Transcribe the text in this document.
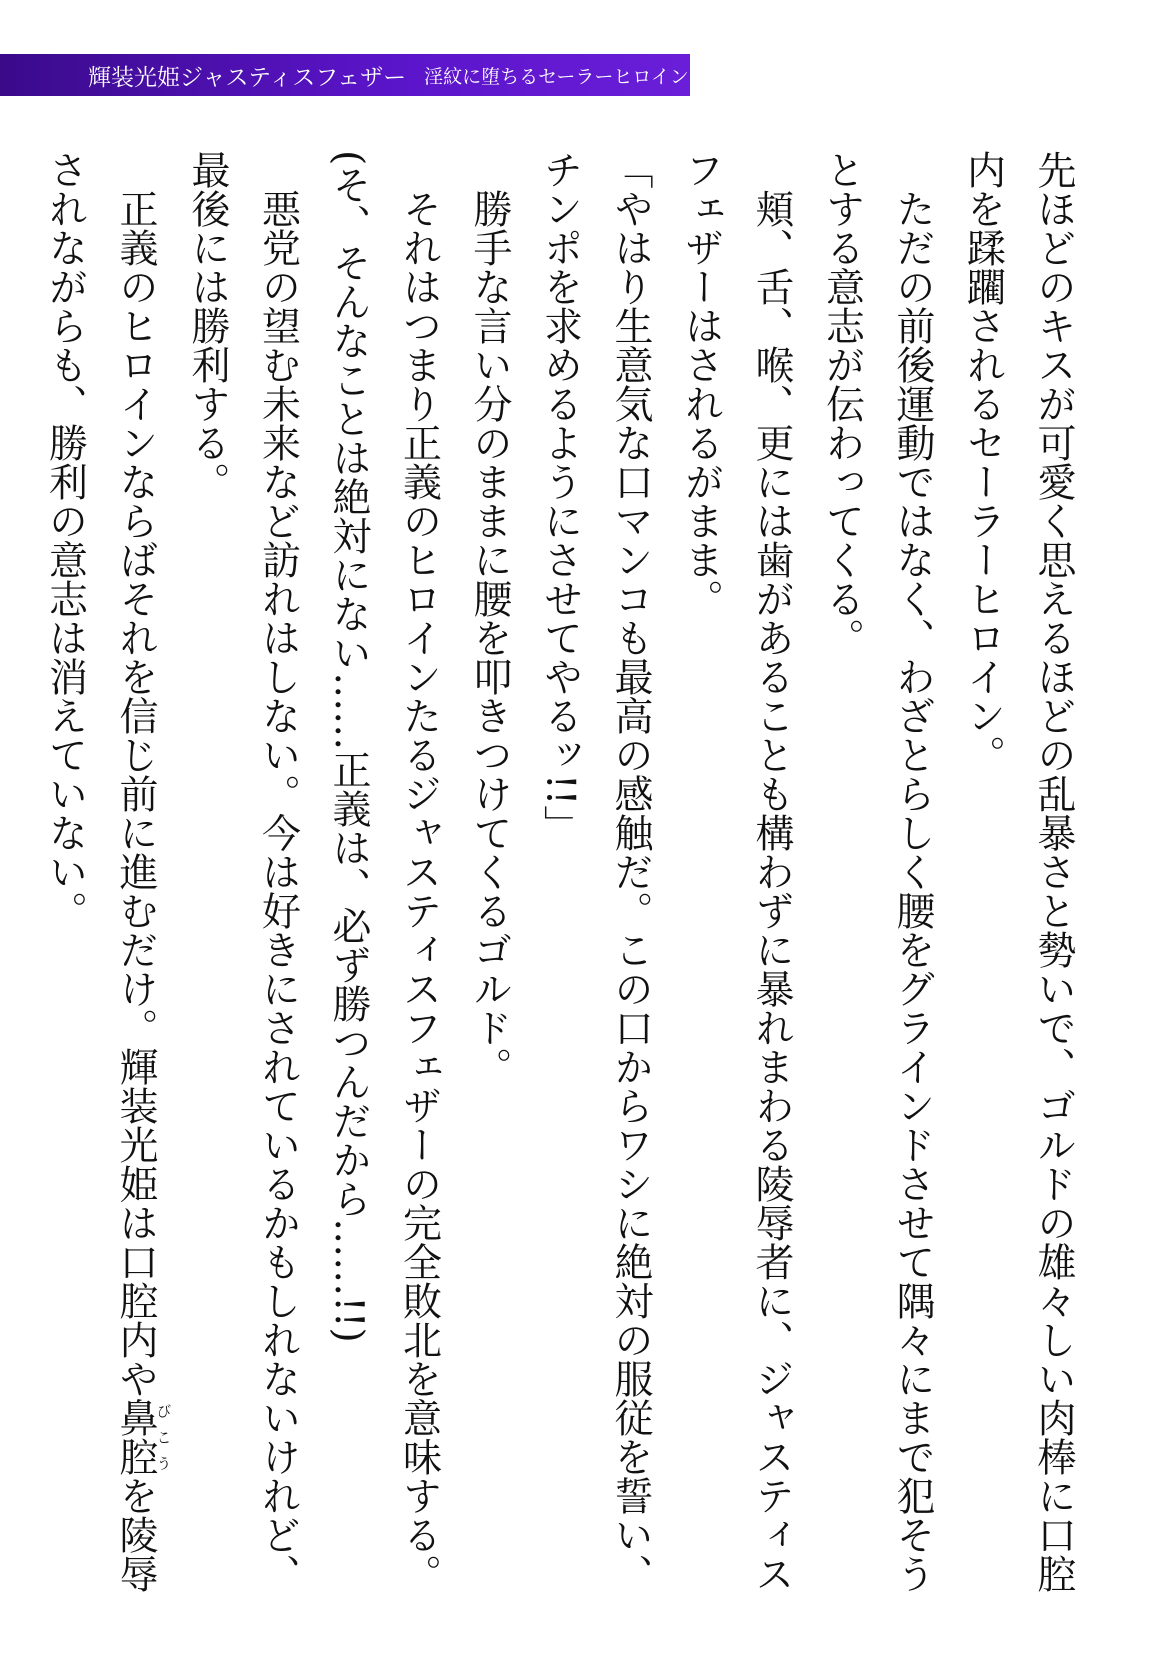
輝装光姫ジャスティスフェザー 淫紋に堕ちるセーラーヒロイン

先ほどのキスが可愛く思えるほどの乱暴さと勢いで、ゴルドの雄々しい肉棒に口腔内を蹂躙されるセーラーヒロイン。

ただの前後運動ではなく、わざとらしく腰をグラインドさせて隅々にまで犯そうとする意志が伝わってくる。

頬、舌、喉、更には歯があることも構わずに暴れまわる陵辱者に、ジャスティスフェザーはされるがまま。

「やはり生意気な口マンコも最高の感触だ。この口からワシに絶対の服従を誓い、チンポを求めるようにさせてやるッ!!」

勝手な言い分のままに腰を叩きつけてくるゴルド。

それはつまり正義のヒロインたるジャスティスフェザーの完全敗北を意味する。

(そ、そんなことは絶対にない……正義は、必ず勝つんだから……!!)

悪党の望む未来など訪れはしない。今は好きにされているかもしれないけれど、最後には勝利する。

正義のヒロインならばそれを信じ前に進むだけ。輝装光姫は口腔内や鼻腔びこうを陵辱されながらも、勝利の意志は消えていない。
